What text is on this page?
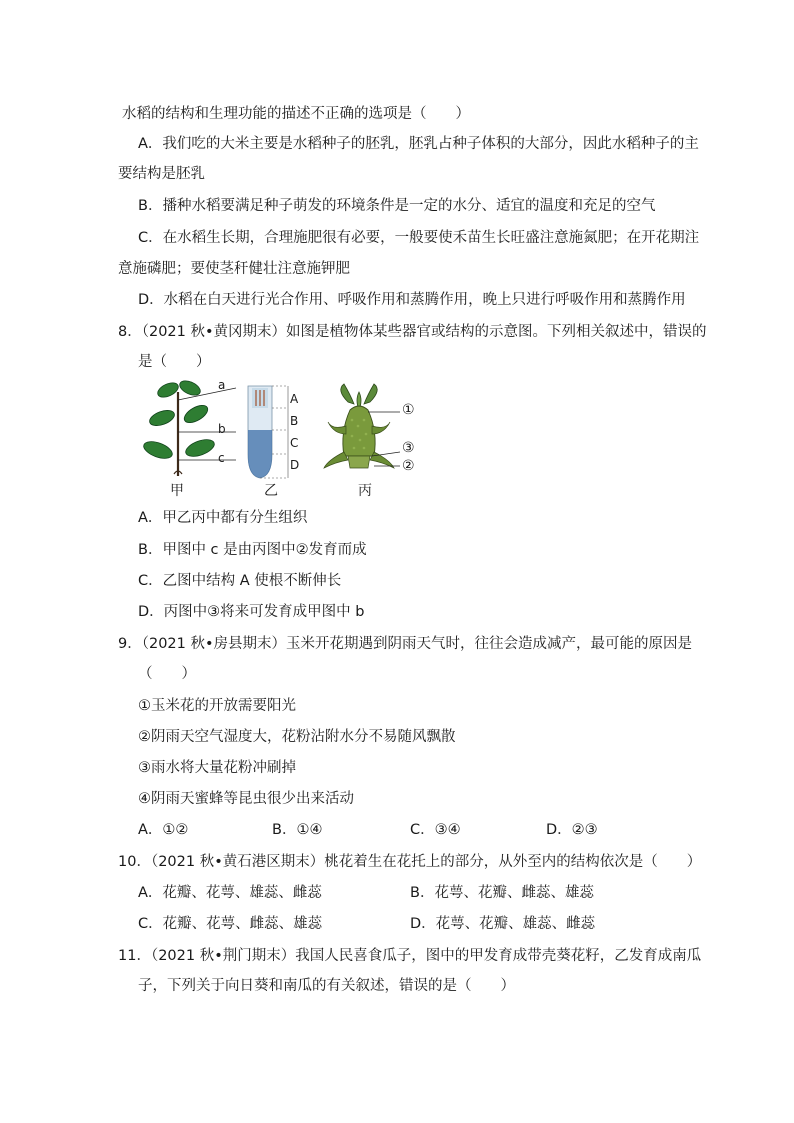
水稻的结构和生理功能的描述不正确的选项是（　　）
A．我们吃的大米主要是水稻种子的胚乳，胚乳占种子体积的大部分，因此水稻种子的主
要结构是胚乳
B．播种水稻要满足种子萌发的环境条件是一定的水分、适宜的温度和充足的空气
C．在水稻生长期，合理施肥很有必要，一般要使禾苗生长旺盛注意施氮肥；在开花期注
意施磷肥；要使茎秆健壮注意施钾肥
D．水稻在白天进行光合作用、呼吸作用和蒸腾作用，晚上只进行呼吸作用和蒸腾作用
8．（2021 秋•黄冈期末）如图是植物体某些器官或结构的示意图。下列相关叙述中，错误的
是（　　）
a
b
c
A
B
C
D
①
③
②
甲	乙	丙
A．甲乙丙中都有分生组织
B．甲图中 c 是由丙图中②发育而成
C．乙图中结构 A 使根不断伸长
D．丙图中③将来可发育成甲图中 b
9．（2021 秋•房县期末）玉米开花期遇到阴雨天气时，往往会造成减产，最可能的原因是
（　　）
①玉米花的开放需要阳光
②阴雨天空气湿度大，花粉沾附水分不易随风飘散
③雨水将大量花粉冲刷掉
④阴雨天蜜蜂等昆虫很少出来活动
A．①②	B．①④	C．③④	D．②③
10．（2021 秋•黄石港区期末）桃花着生在花托上的部分，从外至内的结构依次是（　　）
A．花瓣、花萼、雄蕊、雌蕊	B．花萼、花瓣、雌蕊、雄蕊
C．花瓣、花萼、雌蕊、雄蕊	D．花萼、花瓣、雄蕊、雌蕊
11．（2021 秋•荆门期末）我国人民喜食瓜子，图中的甲发育成带壳葵花籽，乙发育成南瓜
子，下列关于向日葵和南瓜的有关叙述，错误的是（　　）
